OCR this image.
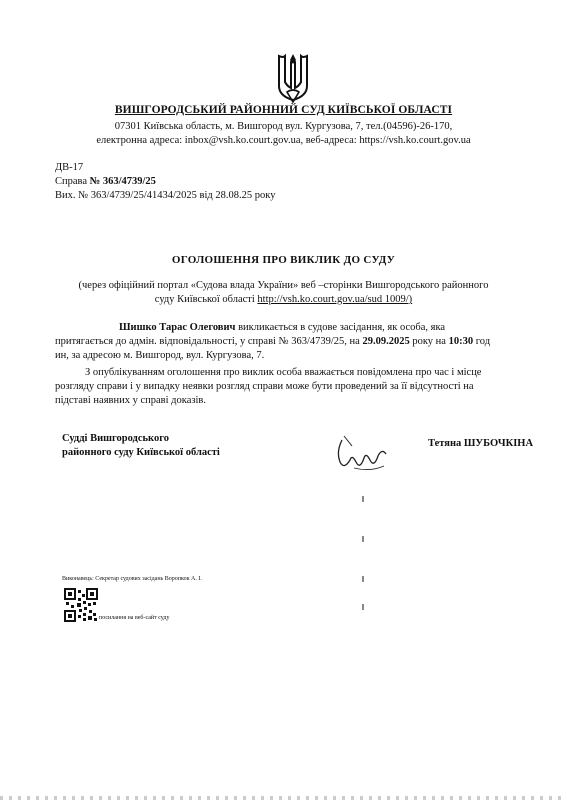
ВИШГОРОДСЬКИЙ РАЙОННИЙ СУД КИЇВСЬКОЇ ОБЛАСТІ
07301 Київська область, м. Вишгород вул. Кургузова, 7, тел.(04596)-26-170,
електронна адреса: inbox@vsh.ko.court.gov.ua, веб-адреса: https://vsh.ko.court.gov.ua
ДВ-17
Справа № 363/4739/25
Вих. № 363/4739/25/41434/2025 від 28.08.25 року
ОГОЛОШЕННЯ ПРО ВИКЛИК ДО СУДУ
(через офіційний портал «Судова влада України» веб –сторінки Вишгородського районного
суду Київської області http://vsh.ko.court.gov.ua/sud 1009/)
Шишко Тарас Олегович викликається в судове засідання, як особа, яка
притягається до адмін. відповідальності, у справі № 363/4739/25, на 29.09.2025 року на 10:30 год
ин, за адресою м. Вишгород, вул. Кургузова, 7.
З опублікуванням оголошення про виклик особа вважається повідомлена про час і місце
розгляду справи і у випадку неявки розгляд справи може бути проведений за її відсутності на
підставі наявних у справі доказів.
Судді Вишгородського
районного суду Київської області
Тетяна ШУБОЧКІНА
Виконавець: Секретар судових засідань Воропкок А. І.
посилання на веб-сайт суду
